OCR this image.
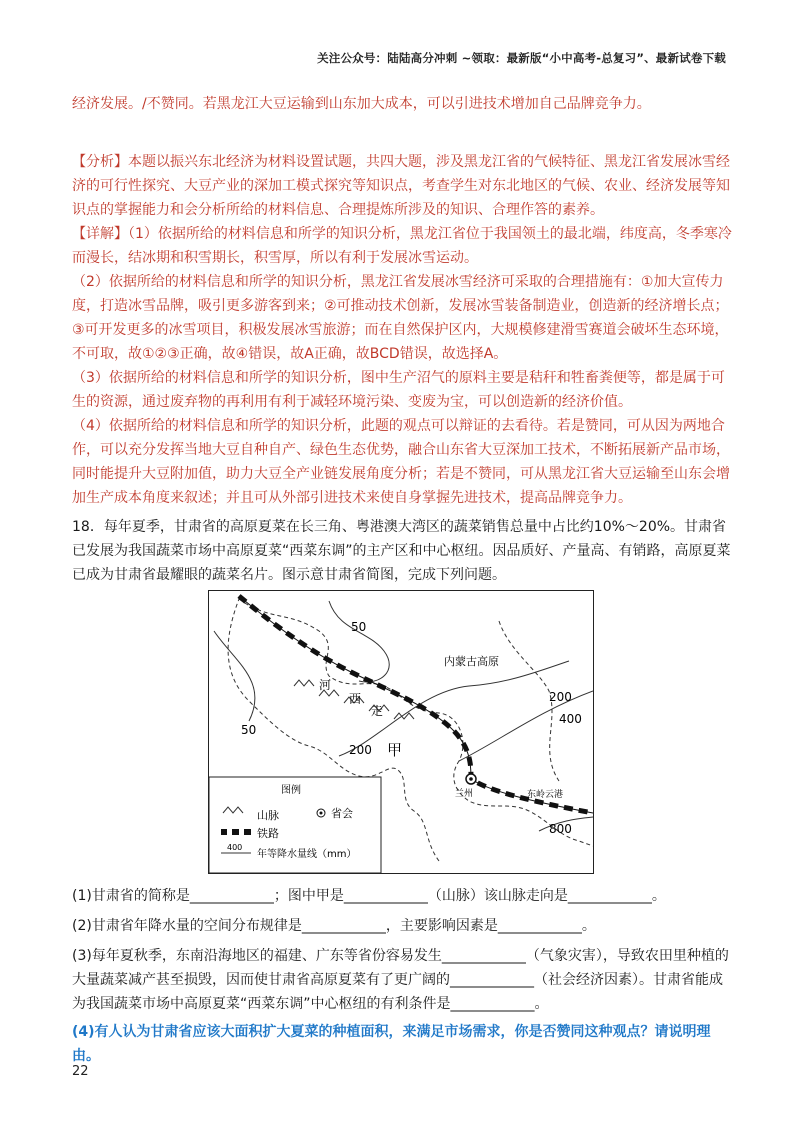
关注公众号：陆陆高分冲刺 ~领取：最新版“小中高考-总复习”、最新试卷下载
经济发展。/不赞同。若黑龙江大豆运输到山东加大成本，可以引进技术增加自己品牌竞争力。

【分析】本题以振兴东北经济为材料设置试题，共四大题，涉及黑龙江省的气候特征、黑龙江省发展冰雪经济的可行性探究、大豆产业的深加工模式探究等知识点，考查学生对东北地区的气候、农业、经济发展等知识点的掌握能力和会分析所给的材料信息、合理提炼所涉及的知识、合理作答的素养。

【详解】（1）依据所给的材料信息和所学的知识分析，黑龙江省位于我国领土的最北端，纬度高，冬季寒冷而漫长，结冰期和积雪期长，积雪厚，所以有利于发展冰雪运动。

（2）依据所给的材料信息和所学的知识分析，黑龙江省发展冰雪经济可采取的合理措施有：①加大宣传力度，打造冰雪品牌，吸引更多游客到来；②可推动技术创新，发展冰雪装备制造业，创造新的经济增长点；③可开发更多的冰雪项目，积极发展冰雪旅游；而在自然保护区内，大规模修建滑雪赛道会破坏生态环境，不可取，故①②③正确，故④错误，故A正确，故BCD错误，故选择A。

（3）依据所给的材料信息和所学的知识分析，图中生产沼气的原料主要是秸秆和牲畜粪便等，都是属于可生的资源，通过废弃物的再利用有利于减轻环境污染、变废为宝，可以创造新的经济价值。

（4）依据所给的材料信息和所学的知识分析，此题的观点可以辩证的去看待。若是赞同，可从因为两地合作，可以充分发挥当地大豆自种自产、绿色生态优势，融合山东省大豆深加工技术，不断拓展新产品市场，同时能提升大豆附加值，助力大豆全产业链发展角度分析；若是不赞同，可从黑龙江省大豆运输至山东会增加生产成本角度来叙述；并且可从外部引进技术来使自身掌握先进技术，提高品牌竞争力。

18．每年夏季，甘肃省的高原夏菜在长三角、粤港澳大湾区的蔬菜销售总量中占比约10%～20%。甘肃省已发展为我国蔬菜市场中高原夏菜“西菜东调”的主产区和中心枢纽。因品质好、产量高、有销路，高原夏菜已成为甘肃省最耀眼的蔬菜名片。图示意甘肃省简图，完成下列问题。
内蒙古高原
河
西
走
甲
兰州	东岭云港
50
50
200
200
400
800
图例
山脉	省会
铁路
400
年等降水量线（mm）

(1)甘肃省的简称是____________；图中甲是____________（山脉）该山脉走向是____________。

(2)甘肃省年降水量的空间分布规律是____________，主要影响因素是____________。

(3)每年夏秋季，东南沿海地区的福建、广东等省份容易发生____________（气象灾害），导致农田里种植的大量蔬菜减产甚至损毁，因而使甘肃省高原夏菜有了更广阔的____________（社会经济因素）。甘肃省能成为我国蔬菜市场中高原夏菜“西菜东调”中心枢纽的有利条件是____________。

(4)有人认为甘肃省应该大面积扩大夏菜的种植面积，来满足市场需求，你是否赞同这种观点？请说明理由。

22
